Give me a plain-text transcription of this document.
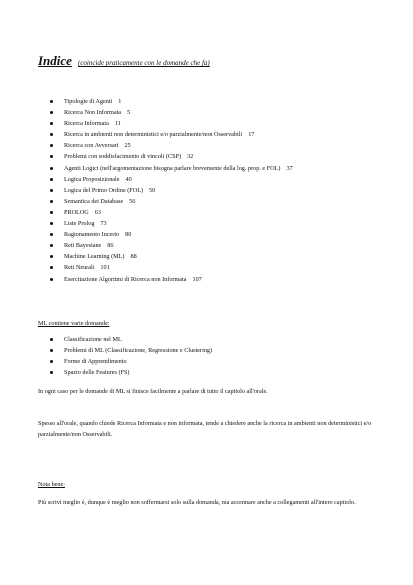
Indice (coincide praticamente con le domande che fa)
Tipologie di Agenti 1
Ricerca Non Informata 5
Ricerca Informata 11
Ricerca in ambienti non deterministici e/o parzialmente/non Osservabili 17
Ricerca con Avversari 25
Problemi con soddisfacimento di vincoli (CSP) 32
Agenti Logici (nell'argomentazione bisogna parlare brevemente della log. prop. e FOL) 37
Logica Proposizionale 40
Logica del Primo Ordine (FOL) 50
Semantica dei Database 56
PROLOG 63
Liste Prolog 73
Ragionamento Incerto 80
Reti Bayesiane 86
Machine Learning (ML) 88
Reti Neurali 101
Esercitazione Algoritmi di Ricerca non Informata 107

ML contiene varie domande:

Classificazione nel ML
Problemi di ML (Classificazione, Regressione e Clustering)
Forme di Apprendimento
Spazio delle Features (FS)

In ogni caso per le domande di ML si finisce facilmente a parlare di tutto il capitolo all'orale.

Spesso all'orale, quando chiede Ricerca Informata e non informata, tende a chiedere anche la ricerca in ambienti non deterministici e/o parzialmente/non Osservabili.

Nota bene:

Più scrivi meglio è, dunque è meglio non soffermarsi solo sulla domanda, ma accennare anche a collegamenti all'intero capitolo.
